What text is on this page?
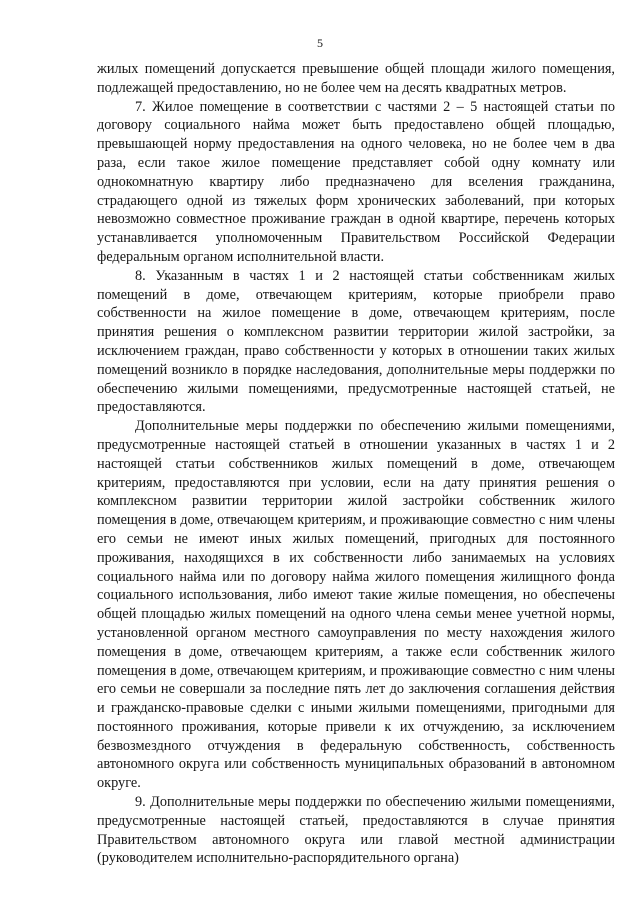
5

жилых помещений допускается превышение общей площади жилого помещения, подлежащей предоставлению, но не более чем на десять квадратных метров.

7. Жилое помещение в соответствии с частями 2 – 5 настоящей статьи по договору социального найма может быть предоставлено общей площадью, превышающей норму предоставления на одного человека, но не более чем в два раза, если такое жилое помещение представляет собой одну комнату или однокомнатную квартиру либо предназначено для вселения гражданина, страдающего одной из тяжелых форм хронических заболеваний, при которых невозможно совместное проживание граждан в одной квартире, перечень которых устанавливается уполномоченным Правительством Российской Федерации федеральным органом исполнительной власти.

8. Указанным в частях 1 и 2 настоящей статьи собственникам жилых помещений в доме, отвечающем критериям, которые приобрели право собственности на жилое помещение в доме, отвечающем критериям, после принятия решения о комплексном развитии территории жилой застройки, за исключением граждан, право собственности у которых в отношении таких жилых помещений возникло в порядке наследования, дополнительные меры поддержки по обеспечению жилыми помещениями, предусмотренные настоящей статьей, не предоставляются.

Дополнительные меры поддержки по обеспечению жилыми помещениями, предусмотренные настоящей статьей в отношении указанных в частях 1 и 2 настоящей статьи собственников жилых помещений в доме, отвечающем критериям, предоставляются при условии, если на дату принятия решения о комплексном развитии территории жилой застройки собственник жилого помещения в доме, отвечающем критериям, и проживающие совместно с ним члены его семьи не имеют иных жилых помещений, пригодных для постоянного проживания, находящихся в их собственности либо занимаемых на условиях социального найма или по договору найма жилого помещения жилищного фонда социального использования, либо имеют такие жилые помещения, но обеспечены общей площадью жилых помещений на одного члена семьи менее учетной нормы, установленной органом местного самоуправления по месту нахождения жилого помещения в доме, отвечающем критериям, а также если собственник жилого помещения в доме, отвечающем критериям, и проживающие совместно с ним члены его семьи не совершали за последние пять лет до заключения соглашения действия и гражданско-правовые сделки с иными жилыми помещениями, пригодными для постоянного проживания, которые привели к их отчуждению, за исключением безвозмездного отчуждения в федеральную собственность, собственность автономного округа или собственность муниципальных образований в автономном округе.

9. Дополнительные меры поддержки по обеспечению жилыми помещениями, предусмотренные настоящей статьей, предоставляются в случае принятия Правительством автономного округа или главой местной администрации (руководителем исполнительно-распорядительного органа)
